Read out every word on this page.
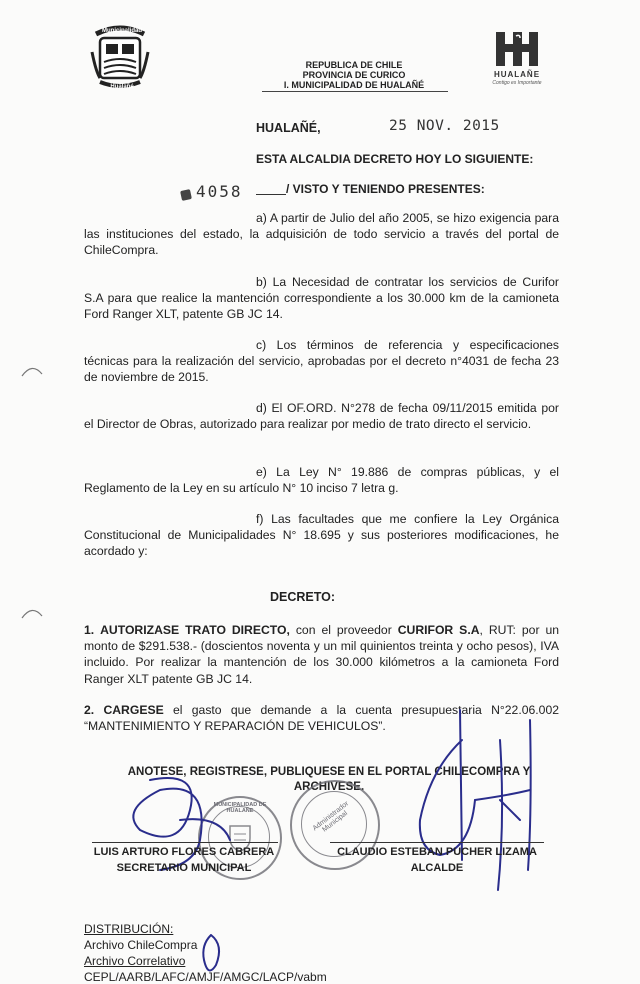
Municipalidad
Hualañé
REPUBLICA DE CHILE
PROVINCIA DE CURICO
I. MUNICIPALIDAD DE HUALAÑÉ
HUALAÑE
Contigo es Importante
HUALAÑÉ,	25 NOV. 2015
ESTA ALCALDIA DECRETO HOY LO SIGUIENTE:
4058	/ VISTO Y TENIENDO PRESENTES:
a) A partir de Julio del año 2005, se hizo exigencia para las instituciones del estado, la adquisición de todo servicio a través del portal de ChileCompra.
b) La Necesidad de contratar los servicios de Curifor S.A para que realice la mantención correspondiente a los 30.000 km de la camioneta Ford Ranger XLT, patente GB JC 14.
c) Los términos de referencia y especificaciones técnicas para la realización del servicio, aprobadas por el decreto n°4031 de fecha 23 de noviembre de 2015.
d) El OF.ORD. N°278 de fecha 09/11/2015 emitida por el Director de Obras, autorizado para realizar por medio de trato directo el servicio.
e) La Ley N° 19.886 de compras públicas, y el Reglamento de la Ley en su artículo N° 10 inciso 7 letra g.
f) Las facultades que me confiere la Ley Orgánica Constitucional de Municipalidades N° 18.695 y sus posteriores modificaciones, he acordado y:
DECRETO:
1. AUTORIZASE TRATO DIRECTO, con el proveedor CURIFOR S.A, RUT: por un monto de $291.538.- (doscientos noventa y un mil quinientos treinta y ocho pesos), IVA incluido. Por realizar la mantención de los 30.000 kilómetros a la camioneta Ford Ranger XLT patente GB JC 14.
2. CARGESE el gasto que demande a la cuenta presupuestaria N°22.06.002 “MANTENIMIENTO Y REPARACIÓN DE VEHICULOS”.
ANOTESE, REGISTRESE, PUBLIQUESE EN EL PORTAL CHILECOMPRA Y
ARCHIVESE.
MUNICIPALIDAD DE HUALAÑE	Administrador Municipal
LUIS ARTURO FLORES CABRERA
SECRETARIO MUNICIPAL
CLAUDIO ESTEBAN PUCHER LIZAMA
ALCALDE
DISTRIBUCIÓN:
Archivo ChileCompra
Archivo Correlativo
CEPL/AARB/LAFC/AMJF/AMGC/LACP/vabm
